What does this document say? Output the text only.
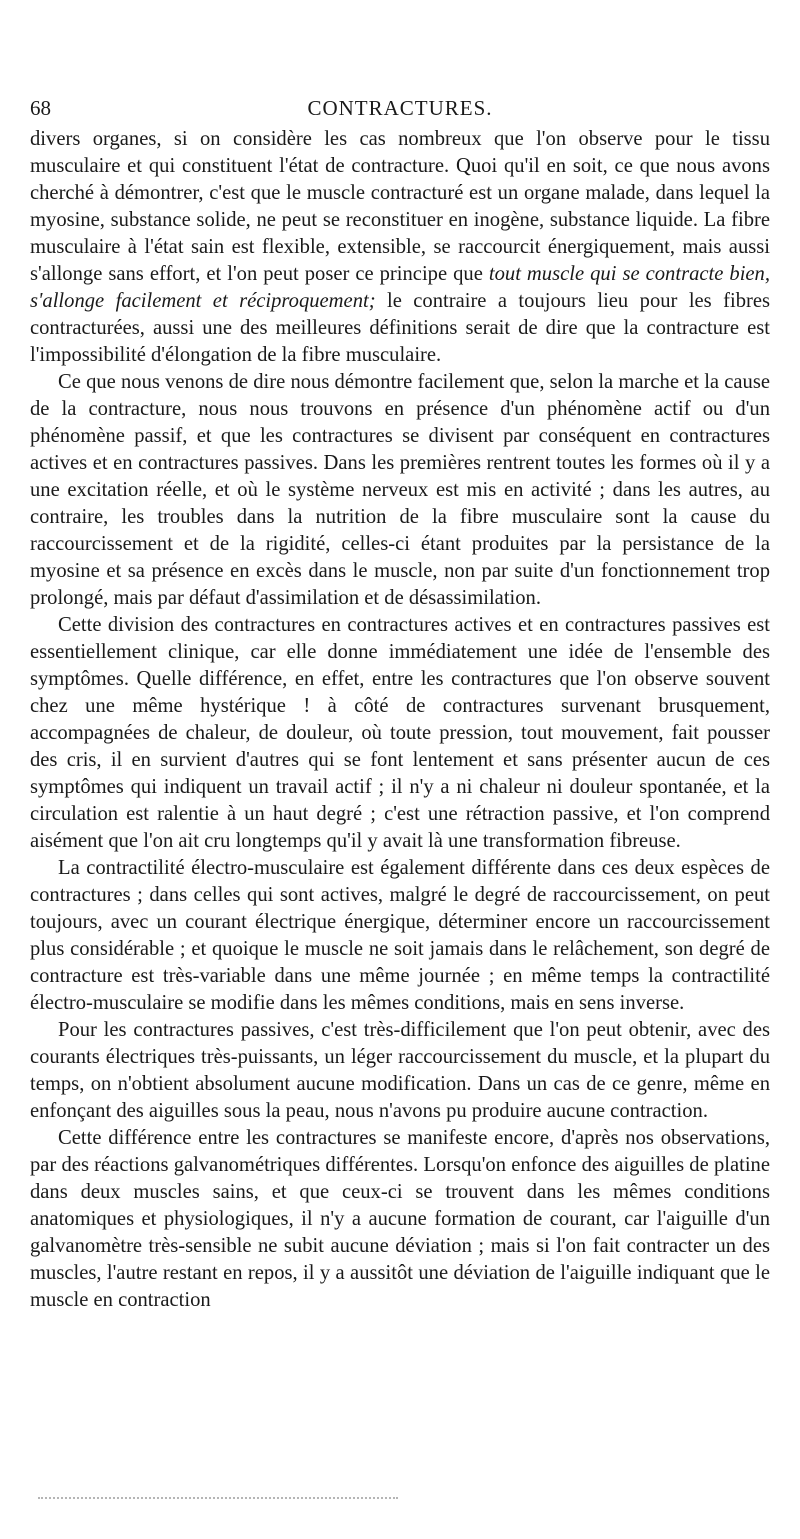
68	CONTRACTURES.

divers organes, si on considère les cas nombreux que l'on observe pour le tissu musculaire et qui constituent l'état de contracture. Quoi qu'il en soit, ce que nous avons cherché à démontrer, c'est que le muscle contracturé est un organe malade, dans lequel la myosine, substance solide, ne peut se reconstituer en inogène, substance liquide. La fibre musculaire à l'état sain est flexible, extensible, se raccourcit énergiquement, mais aussi s'allonge sans effort, et l'on peut poser ce principe que tout muscle qui se contracte bien, s'allonge facilement et réciproquement; le contraire a toujours lieu pour les fibres contracturées, aussi une des meilleures définitions serait de dire que la contracture est l'impossibilité d'élongation de la fibre musculaire.

Ce que nous venons de dire nous démontre facilement que, selon la marche et la cause de la contracture, nous nous trouvons en présence d'un phénomène actif ou d'un phénomène passif, et que les contractures se divisent par conséquent en contractures actives et en contractures passives. Dans les premières rentrent toutes les formes où il y a une excitation réelle, et où le système nerveux est mis en activité ; dans les autres, au contraire, les troubles dans la nutrition de la fibre musculaire sont la cause du raccourcissement et de la rigidité, celles-ci étant produites par la persistance de la myosine et sa présence en excès dans le muscle, non par suite d'un fonctionnement trop prolongé, mais par défaut d'assimilation et de désassimilation.

Cette division des contractures en contractures actives et en contractures passives est essentiellement clinique, car elle donne immédiatement une idée de l'ensemble des symptômes. Quelle différence, en effet, entre les contractures que l'on observe souvent chez une même hystérique ! à côté de contractures survenant brusquement, accompagnées de chaleur, de douleur, où toute pression, tout mouvement, fait pousser des cris, il en survient d'autres qui se font lentement et sans présenter aucun de ces symptômes qui indiquent un travail actif ; il n'y a ni chaleur ni douleur spontanée, et la circulation est ralentie à un haut degré ; c'est une rétraction passive, et l'on comprend aisément que l'on ait cru longtemps qu'il y avait là une transformation fibreuse.

La contractilité électro-musculaire est également différente dans ces deux espèces de contractures ; dans celles qui sont actives, malgré le degré de raccourcissement, on peut toujours, avec un courant électrique énergique, déterminer encore un raccourcissement plus considérable ; et quoique le muscle ne soit jamais dans le relâchement, son degré de contracture est très-variable dans une même journée ; en même temps la contractilité électro-musculaire se modifie dans les mêmes conditions, mais en sens inverse.

Pour les contractures passives, c'est très-difficilement que l'on peut obtenir, avec des courants électriques très-puissants, un léger raccourcissement du muscle, et la plupart du temps, on n'obtient absolument aucune modification. Dans un cas de ce genre, même en enfonçant des aiguilles sous la peau, nous n'avons pu produire aucune contraction.

Cette différence entre les contractures se manifeste encore, d'après nos observations, par des réactions galvanométriques différentes. Lorsqu'on enfonce des aiguilles de platine dans deux muscles sains, et que ceux-ci se trouvent dans les mêmes conditions anatomiques et physiologiques, il n'y a aucune formation de courant, car l'aiguille d'un galvanomètre très-sensible ne subit aucune déviation ; mais si l'on fait contracter un des muscles, l'autre restant en repos, il y a aussitôt une déviation de l'aiguille indiquant que le muscle en contraction
